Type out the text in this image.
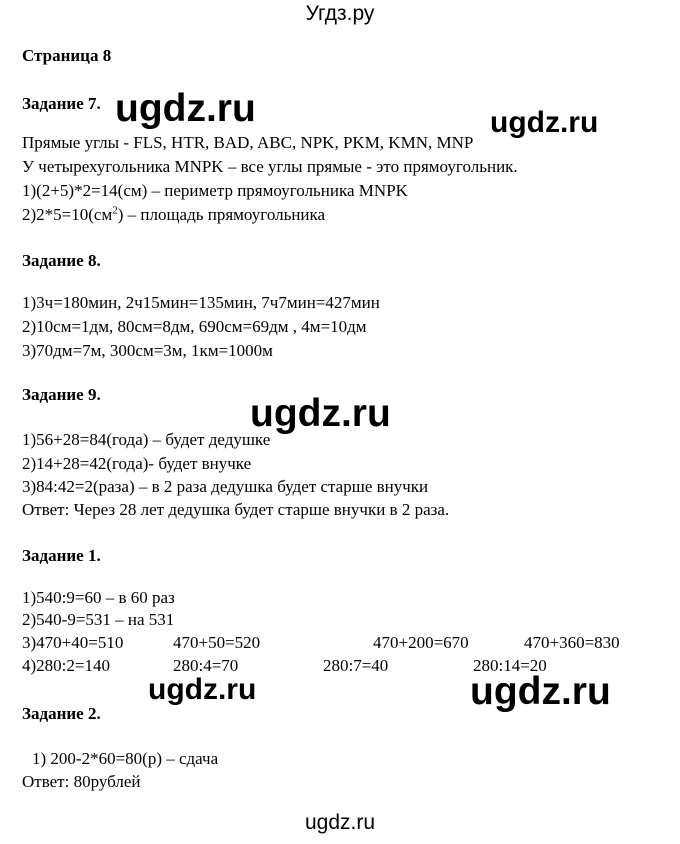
Угдз.ру
Страница 8
Задание 7. ugdz.ru	ugdz.ru
Прямые углы - FLS, HTR, BAD, ABC, NPK, PKM, KMN, MNP
У четырехугольника MNPK – все углы прямые - это прямоугольник.
1)(2+5)*2=14(см) – периметр прямоугольника MNPK
$2)2*5=10(см^2)$ – площадь прямоугольника
Задание 8.
1)3ч=180мин, 2ч15мин=135мин, 7ч7мин=427мин
2)10см=1дм, 80см=8дм, 690см=69дм , 4м=10дм
3)70дм=7м, 300см=3м, 1км=1000м
Задание 9.	ugdz.ru
1)56+28=84(года) – будет дедушке
2)14+28=42(года)- будет внучке
3)84:42=2(раза) – в 2 раза дедушка будет старше внучки
Ответ: Через 28 лет дедушка будет старше внучки в 2 раза.
Задание 1.
1)540:9=60 – в 60 раз
2)540-9=531 – на 531
3)470+40=510	470+50=520	470+200=670	470+360=830
4)280:2=140	280:4=70	280:7=40	280:14=20
ugdz.ru	ugdz.ru
Задание 2.
1) 200-2*60=80(р) – сдача
Ответ: 80рублей
ugdz.ru
